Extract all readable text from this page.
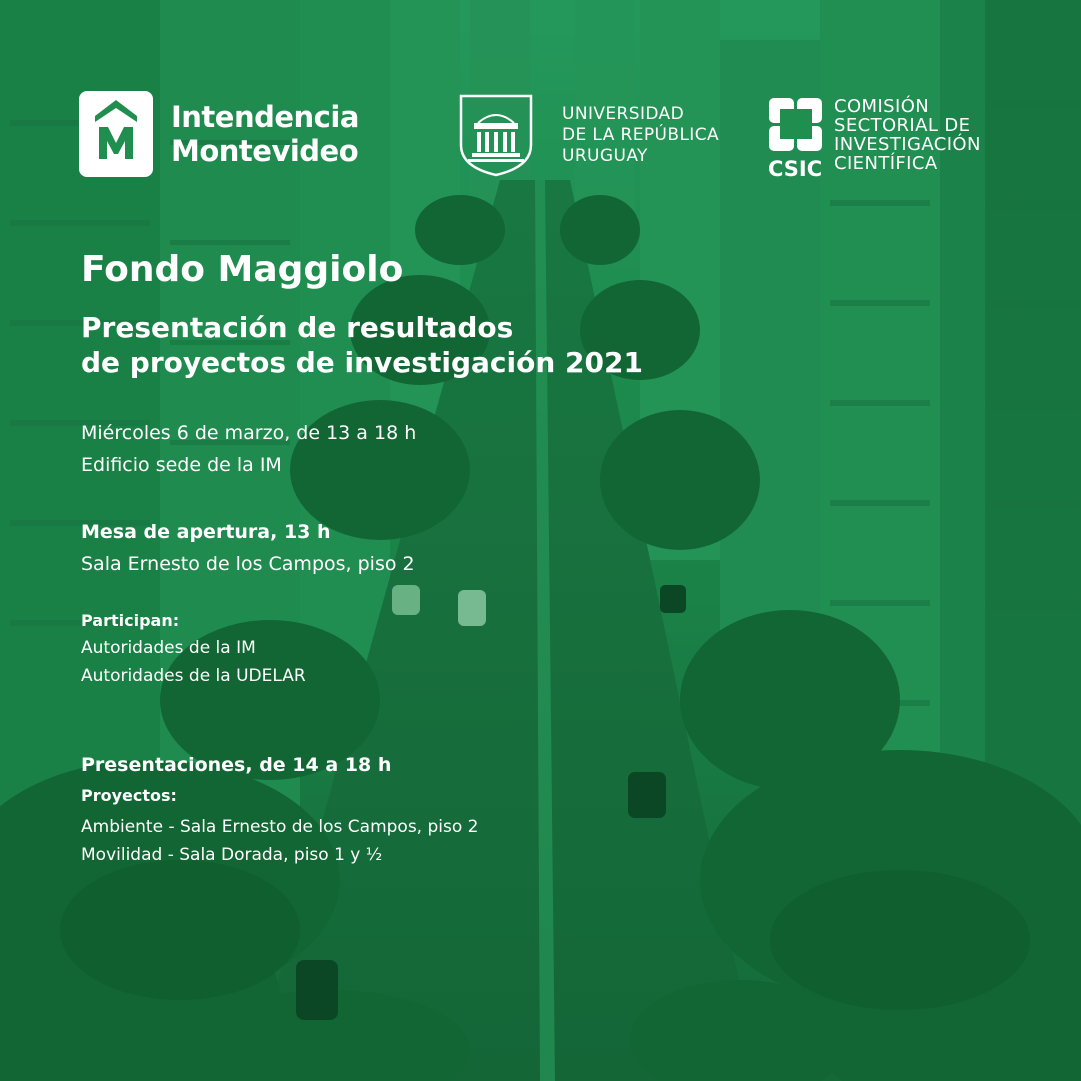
Intendencia
Montevideo
UNIVERSIDAD
DE LA REPÚBLICA
URUGUAY
CSIC
COMISIÓN
SECTORIAL DE
INVESTIGACIÓN
CIENTÍFICA
Fondo Maggiolo
Presentación de resultados
de proyectos de investigación 2021
Miércoles 6 de marzo, de 13 a 18 h
Edificio sede de la IM
Mesa de apertura, 13 h
Sala Ernesto de los Campos, piso 2
Participan:
Autoridades de la IM
Autoridades de la UDELAR
Presentaciones, de 14 a 18 h
Proyectos:
Ambiente - Sala Ernesto de los Campos, piso 2
Movilidad - Sala Dorada, piso 1 y ½
